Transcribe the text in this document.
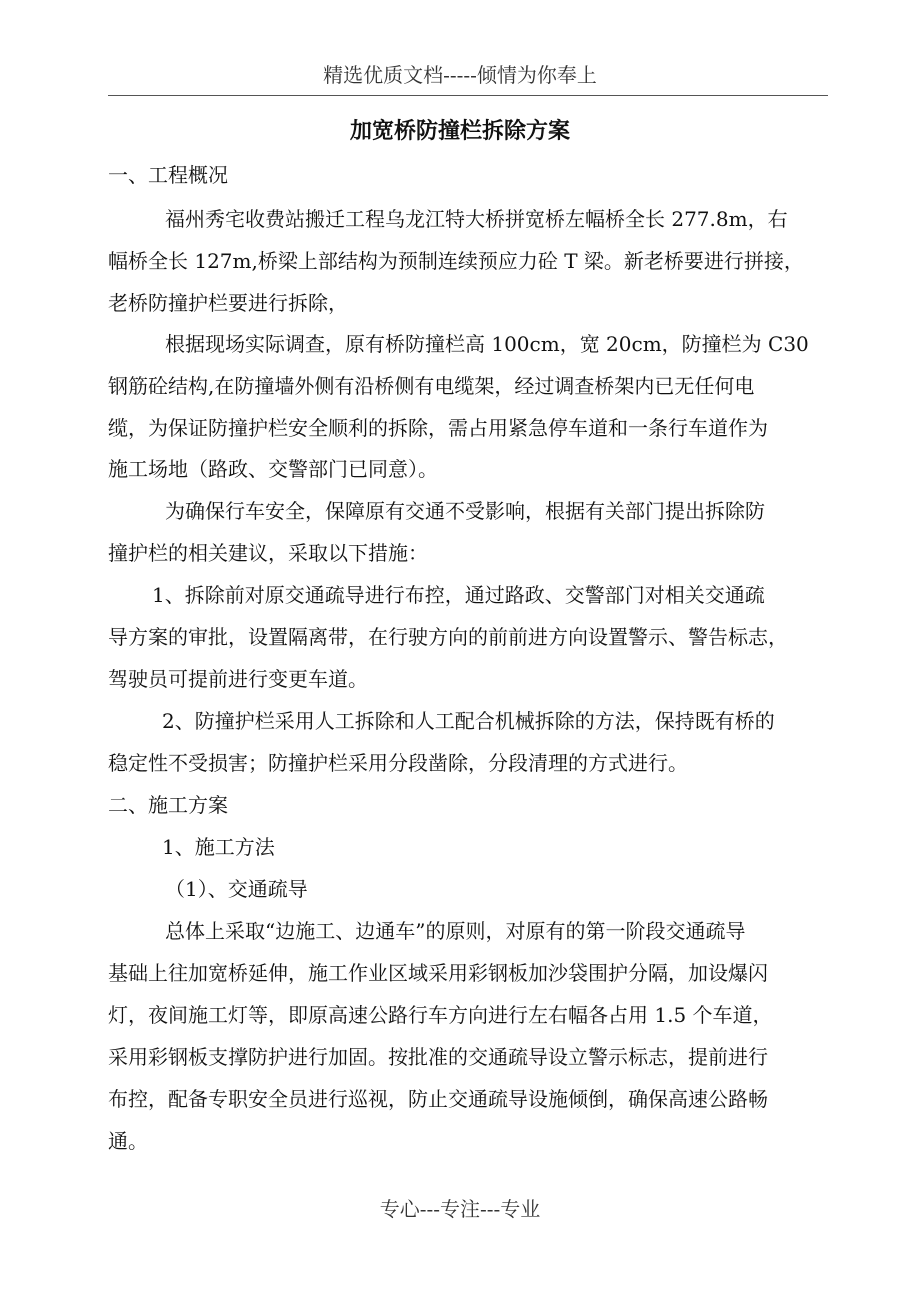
精选优质文档-----倾情为你奉上
加宽桥防撞栏拆除方案
一、工程概况
福州秀宅收费站搬迁工程乌龙江特大桥拼宽桥左幅桥全长 277.8m，右
幅桥全长 127m,桥梁上部结构为预制连续预应力砼 T 梁。新老桥要进行拼接，
老桥防撞护栏要进行拆除，
根据现场实际调查，原有桥防撞栏高 100cm，宽 20cm，防撞栏为 C30
钢筋砼结构,在防撞墙外侧有沿桥侧有电缆架，经过调查桥架内已无任何电
缆，为保证防撞护栏安全顺利的拆除，需占用紧急停车道和一条行车道作为
施工场地（路政、交警部门已同意）。
为确保行车安全，保障原有交通不受影响，根据有关部门提出拆除防
撞护栏的相关建议，采取以下措施：
1、拆除前对原交通疏导进行布控，通过路政、交警部门对相关交通疏
导方案的审批，设置隔离带，在行驶方向的前前进方向设置警示、警告标志，
驾驶员可提前进行变更车道。
2、防撞护栏采用人工拆除和人工配合机械拆除的方法，保持既有桥的
稳定性不受损害；防撞护栏采用分段凿除，分段清理的方式进行。
二、施工方案
1、施工方法
（1）、交通疏导
总体上采取“边施工、边通车”的原则，对原有的第一阶段交通疏导
基础上往加宽桥延伸，施工作业区域采用彩钢板加沙袋围护分隔，加设爆闪
灯，夜间施工灯等，即原高速公路行车方向进行左右幅各占用 1.5 个车道，
采用彩钢板支撑防护进行加固。按批准的交通疏导设立警示标志，提前进行
布控，配备专职安全员进行巡视，防止交通疏导设施倾倒，确保高速公路畅
通。
专心---专注---专业
